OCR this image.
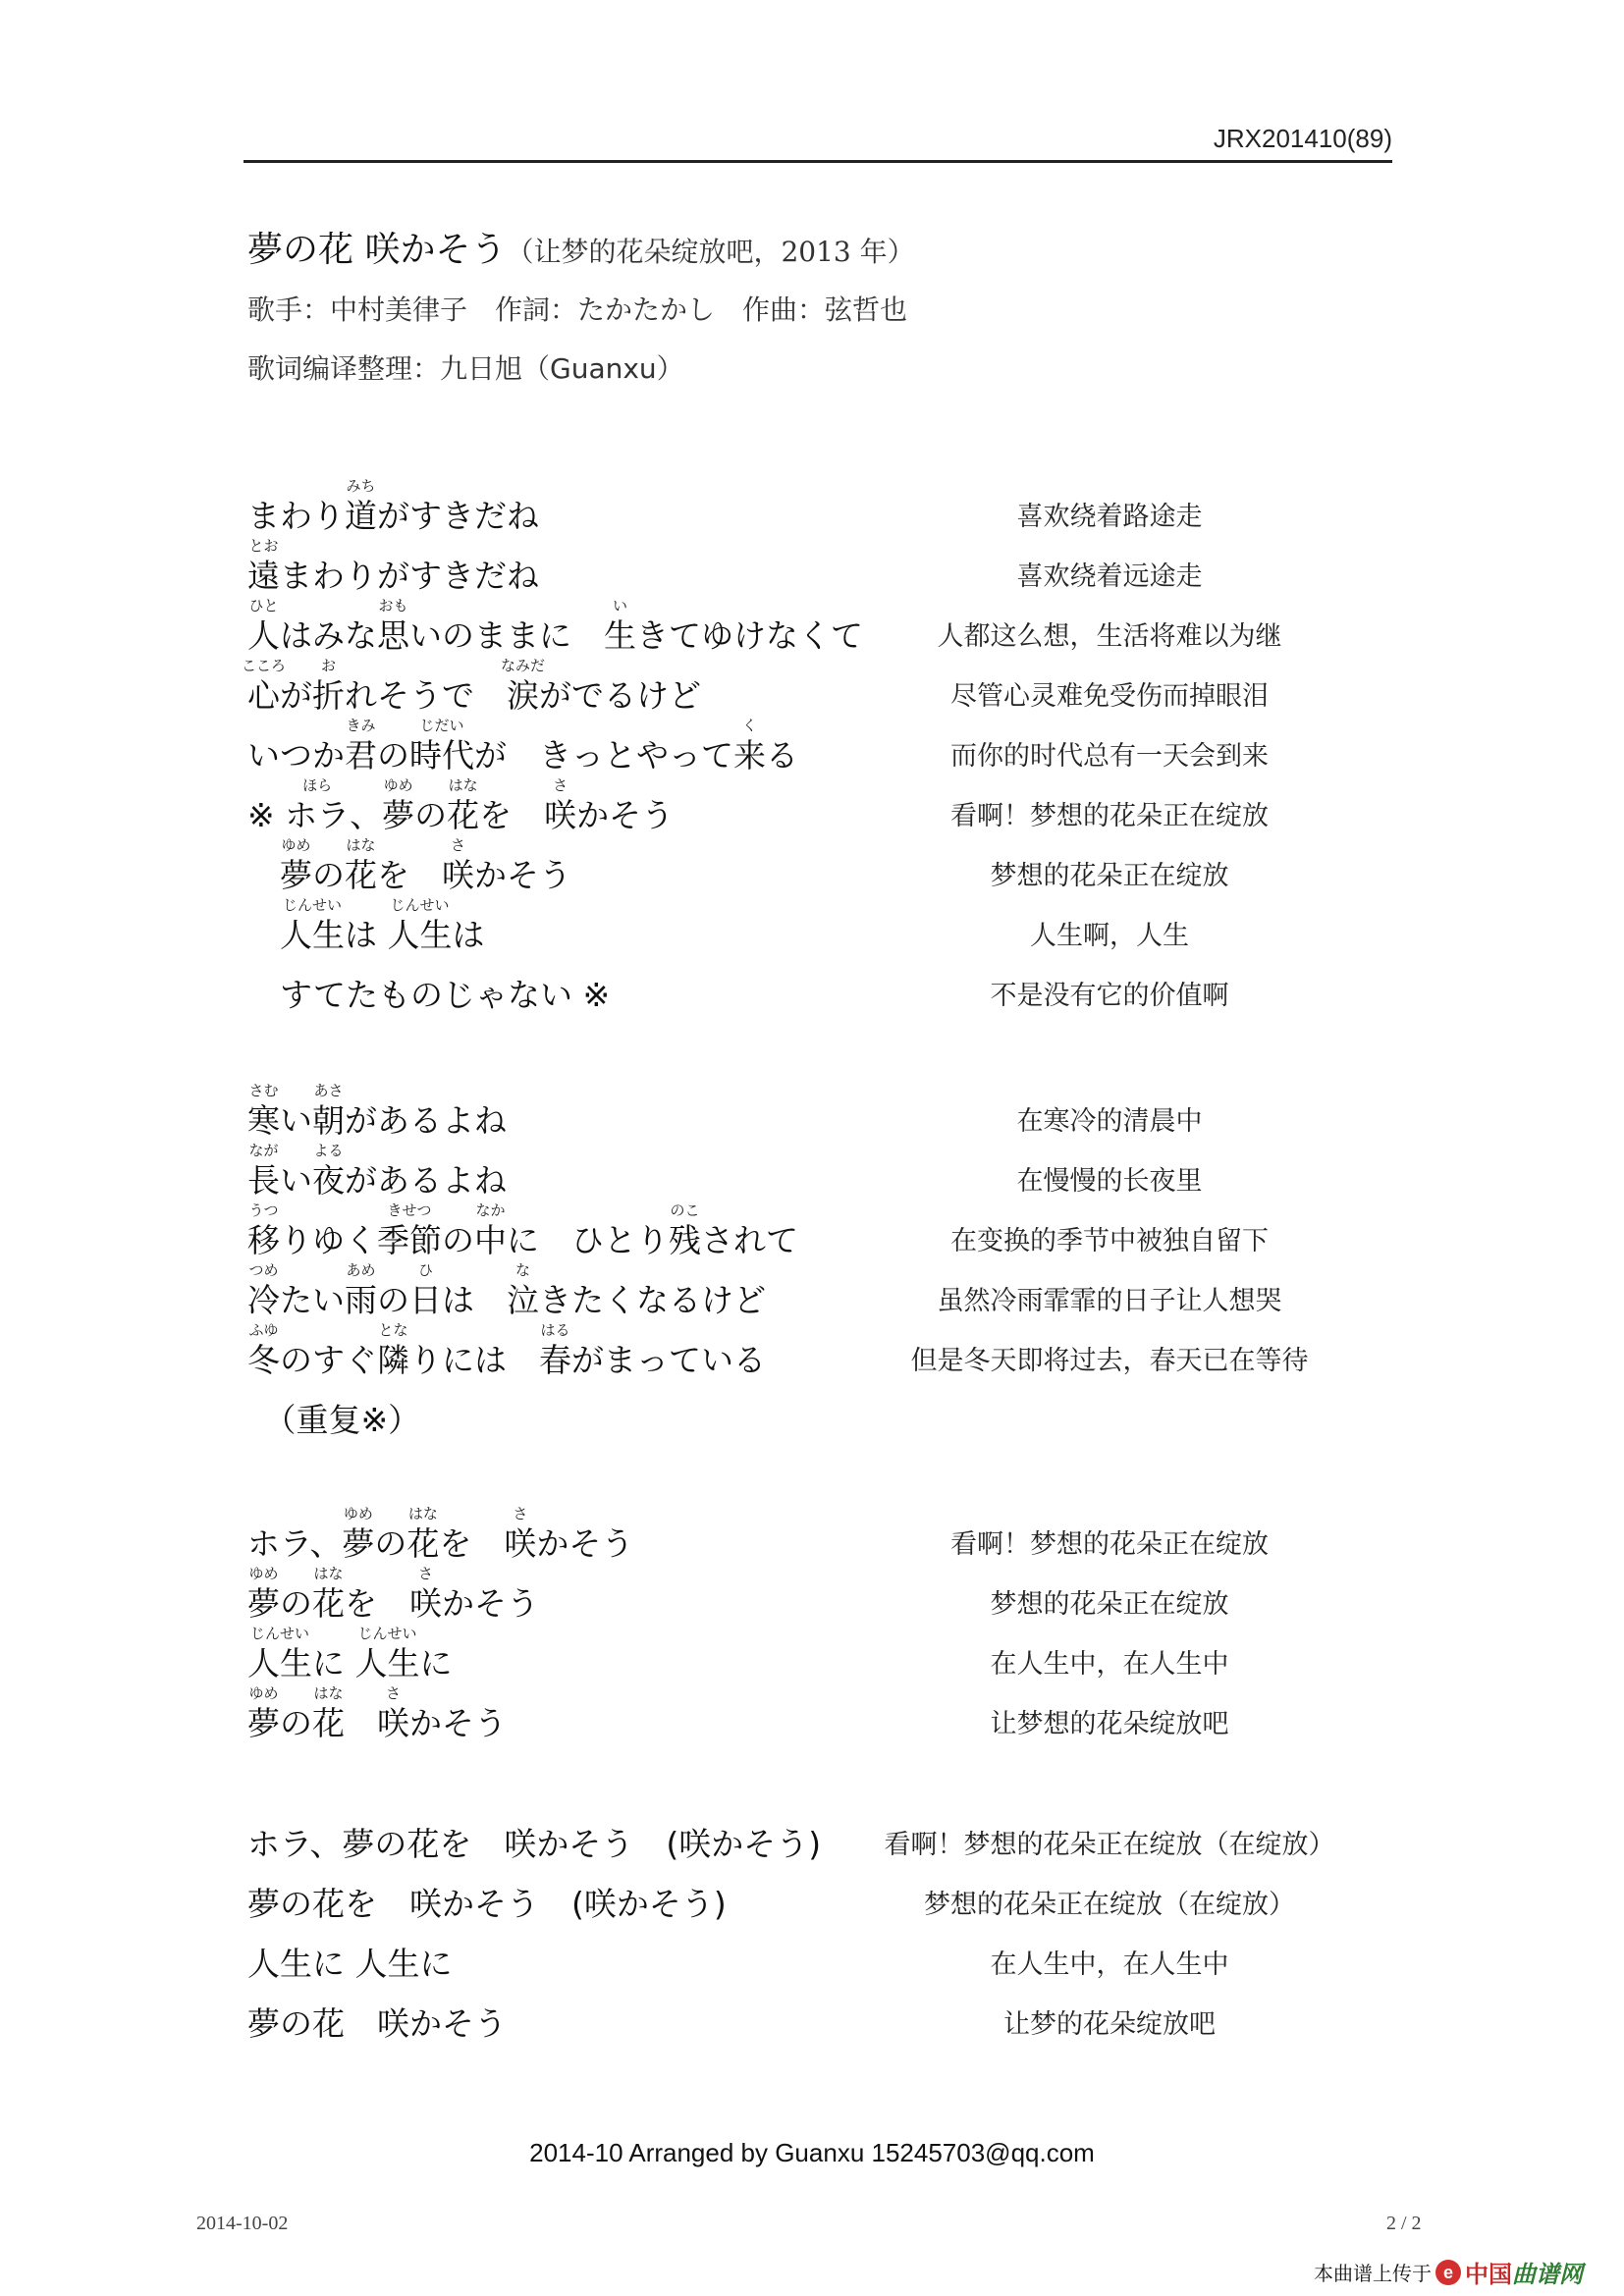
JRX201410(89)
夢の花 咲かそう（让梦的花朵绽放吧，2013 年）
歌手：中村美律子　作詞：たかたかし　作曲：弦哲也
歌词编译整理：九日旭（Guanxu）
まわり道
みち
がすきだね	喜欢绕着路途走
遠
とお
まわりがすきだね	喜欢绕着远途走
人
ひと
はみな思
おも
いのままに　生
い
きてゆけなくて	人都这么想，生活将难以为继
心
こころ
が折
お
れそうで　涙
なみだ
がでるけど	尽管心灵难免受伤而掉眼泪
いつか君
きみ
の時代
じだい
が　きっとやって来
く
る	而你的时代总有一天会到来
※ ホラ
ほら
、夢
ゆめ
の花
はな
を　咲
さ
かそう	看啊！梦想的花朵正在绽放
　夢
ゆめ
の花
はな
を　咲
さ
かそう	梦想的花朵正在绽放
　人生
じんせい
は 人生
じんせい
は	人生啊，人生
　すてたものじゃない ※	不是没有它的价值啊
寒
さむ
い朝
あさ
があるよね	在寒冷的清晨中
長
なが
い夜
よる
があるよね	在慢慢的长夜里
移
うつ
りゆく季節
きせつ
の中
なか
に　ひとり残
のこ
されて	在变换的季节中被独自留下
冷
つめ
たい雨
あめ
の日
ひ
は　泣
な
きたくなるけど	虽然冷雨霏霏的日子让人想哭
冬
ふゆ
のすぐ隣
とな
りには　春
はる
がまっている	但是冬天即将过去，春天已在等待
　（重复※）
ホラ、夢
ゆめ
の花
はな
を　咲
さ
かそう	看啊！梦想的花朵正在绽放
夢
ゆめ
の花
はな
を　咲
さ
かそう	梦想的花朵正在绽放
人生
じんせい
に 人生
じんせい
に	在人生中，在人生中
夢
ゆめ
の花
はな
　咲
さ
かそう	让梦想的花朵绽放吧
ホラ、夢の花を　咲かそう　(咲かそう) 看啊！梦想的花朵正在绽放（在绽放）
夢の花を　咲かそう　(咲かそう)	梦想的花朵正在绽放（在绽放）
人生に 人生に	在人生中，在人生中
夢の花　咲かそう	让梦的花朵绽放吧
2014-10 Arranged by Guanxu 15245703@qq.com
2014-10-02	2 / 2
本曲谱上传于 e 中国 曲谱网
